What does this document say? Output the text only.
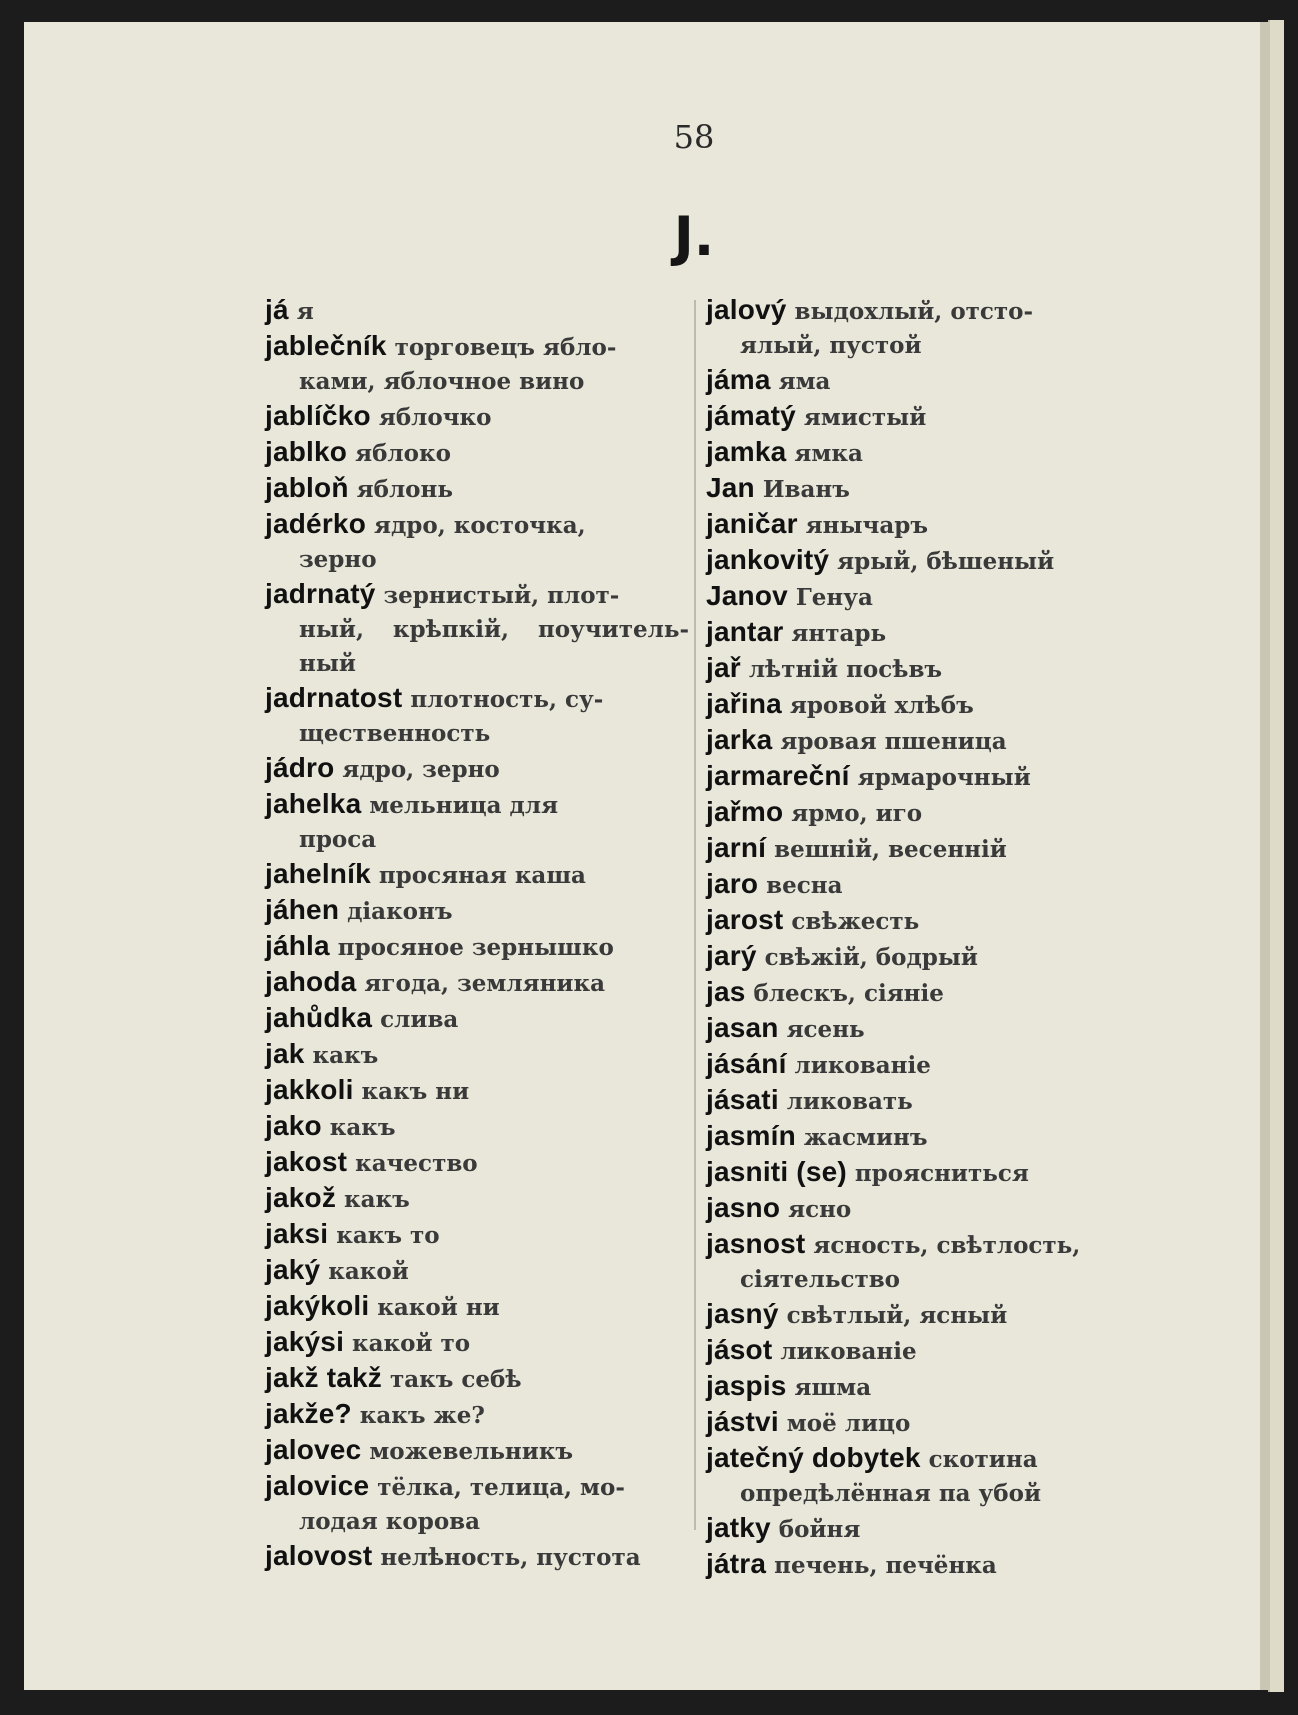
58
J.
já я
jablečník торговецъ ябло-
ками, яблочное вино
jablíčko яблочко
jablko яблоко
jabloň яблонь
jadérko ядро, косточка,
зерно
jadrnatý зернистый, плот-
ный, крѣпкій, поучитель-ный
jadrnatost плотность, су-
щественность
jádro ядро, зерно
jahelka мельница для
проса
jahelník просяная каша
jáhen діаконъ
jáhla просяное зернышко
jahoda ягода, земляника
jahůdka слива
jak какъ
jakkoli какъ ни
jako какъ
jakost качество
jakož какъ
jaksi какъ то
jaký какой
jakýkoli какой ни
jakýsi какой то
jakž takž такъ себѣ
jakže? какъ же?
jalovec можевельникъ
jalovice тёлка, телица, мо-
лодая корова
jalovost нелѣность, пустота
jalový выдохлый, отсто-
ялый, пустой
jáma яма
jámatý ямистый
jamka ямка
Jan Иванъ
janičar янычаръ
jankovitý ярый, бѣшеный
Janov Генуа
jantar янтарь
jař лѣтній посѣвъ
jařina яровой хлѣбъ
jarka яровая пшеница
jarmareční ярмарочный
jařmo ярмо, иго
jarní вешній, весенній
jaro весна
jarost свѣжесть
jarý свѣжій, бодрый
jas блескъ, сіяніе
jasan ясень
jásání ликованіе
jásati ликовать
jasmín жасминъ
jasniti (se) проясниться
jasno ясно
jasnost ясность, свѣтлость,
сіятельство
jasný свѣтлый, ясный
jásot ликованіе
jaspis яшма
jástvi моё лицо
jatečný dobytek скотина
опредѣлённая па убой
jatky бойня
játra печень, печёнка
